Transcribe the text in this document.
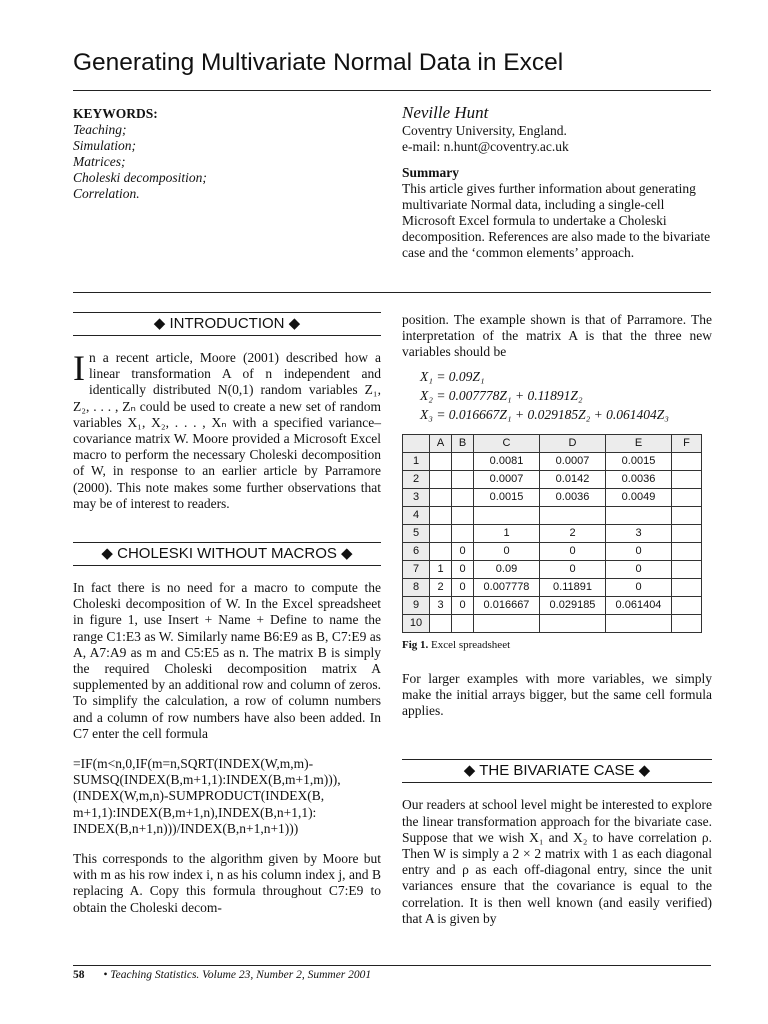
Generating Multivariate Normal Data in Excel
KEYWORDS:
Teaching;
Simulation;
Matrices;
Choleski decomposition;
Correlation.
Neville Hunt
Coventry University, England.
e-mail: n.hunt@coventry.ac.uk
Summary
This article gives further information about generating multivariate Normal data, including a single-cell Microsoft Excel formula to undertake a Choleski decomposition. References are also made to the bivariate case and the ‘common elements’ approach.
◆ INTRODUCTION ◆
I n a recent article, Moore (2001) described how a linear transformation A of n independent and identically distributed N(0,1) random variables Z₁, Z₂, . . . , Zₙ could be used to create a new set of random variables X₁, X₂, . . . , Xₙ with a specified variance–covariance matrix W. Moore provided a Microsoft Excel macro to perform the necessary Choleski decomposition of W, in response to an earlier article by Parramore (2000). This note makes some further observations that may be of interest to readers.
◆ CHOLESKI WITHOUT MACROS ◆
In fact there is no need for a macro to compute the Choleski decomposition of W. In the Excel spreadsheet in figure 1, use Insert + Name + Define to name the range C1:E3 as W. Similarly name B6:E9 as B, C7:E9 as A, A7:A9 as m and C5:E5 as n. The matrix B is simply the required Choleski decomposition matrix A supplemented by an additional row and column of zeros. To simplify the calculation, a row of column numbers and a column of row numbers have also been added. In C7 enter the cell formula
=IF(m<n,0,IF(m=n,SQRT(INDEX(W,m,m)-SUMSQ(INDEX(B,m+1,1):INDEX(B,m+1,m))), (INDEX(W,m,n)-SUMPRODUCT(INDEX(B, m+1,1):INDEX(B,m+1,n),INDEX(B,n+1,1): INDEX(B,n+1,n)))/INDEX(B,n+1,n+1)))
This corresponds to the algorithm given by Moore but with m as his row index i, n as his column index j, and B replacing A. Copy this formula throughout C7:E9 to obtain the Choleski decom-
position. The example shown is that of Parramore. The interpretation of the matrix A is that the three new variables should be
X₁ = 0.09Z₁
X₂ = 0.007778Z₁ + 0.11891Z₂
X₃ = 0.016667Z₁ + 0.029185Z₂ + 0.061404Z₃
	A	B	C	D	E	F
1			0.0081	0.0007	0.0015	
2			0.0007	0.0142	0.0036	
3			0.0015	0.0036	0.0049	
4						
5			1	2	3	
6		0	0	0	0	
7	1	0	0.09	0	0	
8	2	0	0.007778	0.11891	0	
9	3	0	0.016667	0.029185	0.061404	
10						
Fig 1. Excel spreadsheet
For larger examples with more variables, we simply make the initial arrays bigger, but the same cell formula applies.
◆ THE BIVARIATE CASE ◆
Our readers at school level might be interested to explore the linear transformation approach for the bivariate case. Suppose that we wish X₁ and X₂ to have correlation ρ. Then W is simply a 2 × 2 matrix with 1 as each diagonal entry and ρ as each off-diagonal entry, since the unit variances ensure that the covariance is equal to the correlation. It is then well known (and easily verified) that A is given by
58 • Teaching Statistics. Volume 23, Number 2, Summer 2001
